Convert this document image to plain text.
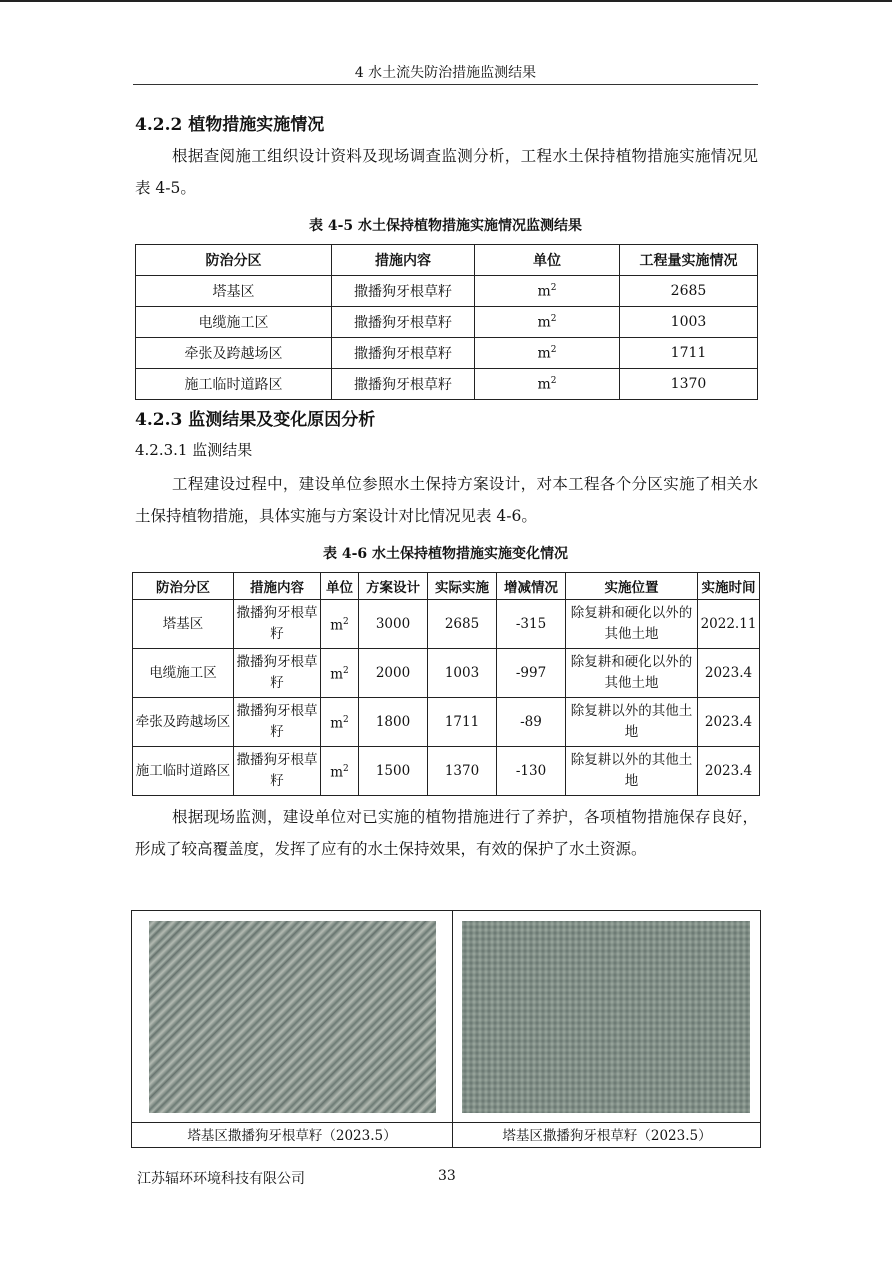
4 水土流失防治措施监测结果
4.2.2 植物措施实施情况

根据查阅施工组织设计资料及现场调查监测分析，工程水土保持植物措施实施情况见表 4-5。

表 4-5 水土保持植物措施实施情况监测结果
防治分区	措施内容	单位	工程量实施情况
塔基区	撒播狗牙根草籽	$m^2$	2685
电缆施工区	撒播狗牙根草籽	$m^2$	1003
牵张及跨越场区	撒播狗牙根草籽	$m^2$	1711
施工临时道路区	撒播狗牙根草籽	$m^2$	1370
4.2.3 监测结果及变化原因分析
4.2.3.1 监测结果

工程建设过程中，建设单位参照水土保持方案设计，对本工程各个分区实施了相关水土保持植物措施，具体实施与方案设计对比情况见表 4-6。

表 4-6 水土保持植物措施实施变化情况
防治分区	措施内容	单位	方案设计	实际实施	增减情况	实施位置	实施时间
塔基区	撒播狗牙根草籽	$m^2$	3000	2685	-315	除复耕和硬化以外的其他土地	2022.11
电缆施工区	撒播狗牙根草籽	$m^2$	2000	1003	-997	除复耕和硬化以外的其他土地	2023.4
牵张及跨越场区	撒播狗牙根草籽	$m^2$	1800	1711	-89	除复耕以外的其他土地	2023.4
施工临时道路区	撒播狗牙根草籽	$m^2$	1500	1370	-130	除复耕以外的其他土地	2023.4

根据现场监测，建设单位对已实施的植物措施进行了养护，各项植物措施保存良好，形成了较高覆盖度，发挥了应有的水土保持效果，有效的保护了水土资源。

塔基区撒播狗牙根草籽（2023.5）	塔基区撒播狗牙根草籽（2023.5）
江苏辐环环境科技有限公司	33
